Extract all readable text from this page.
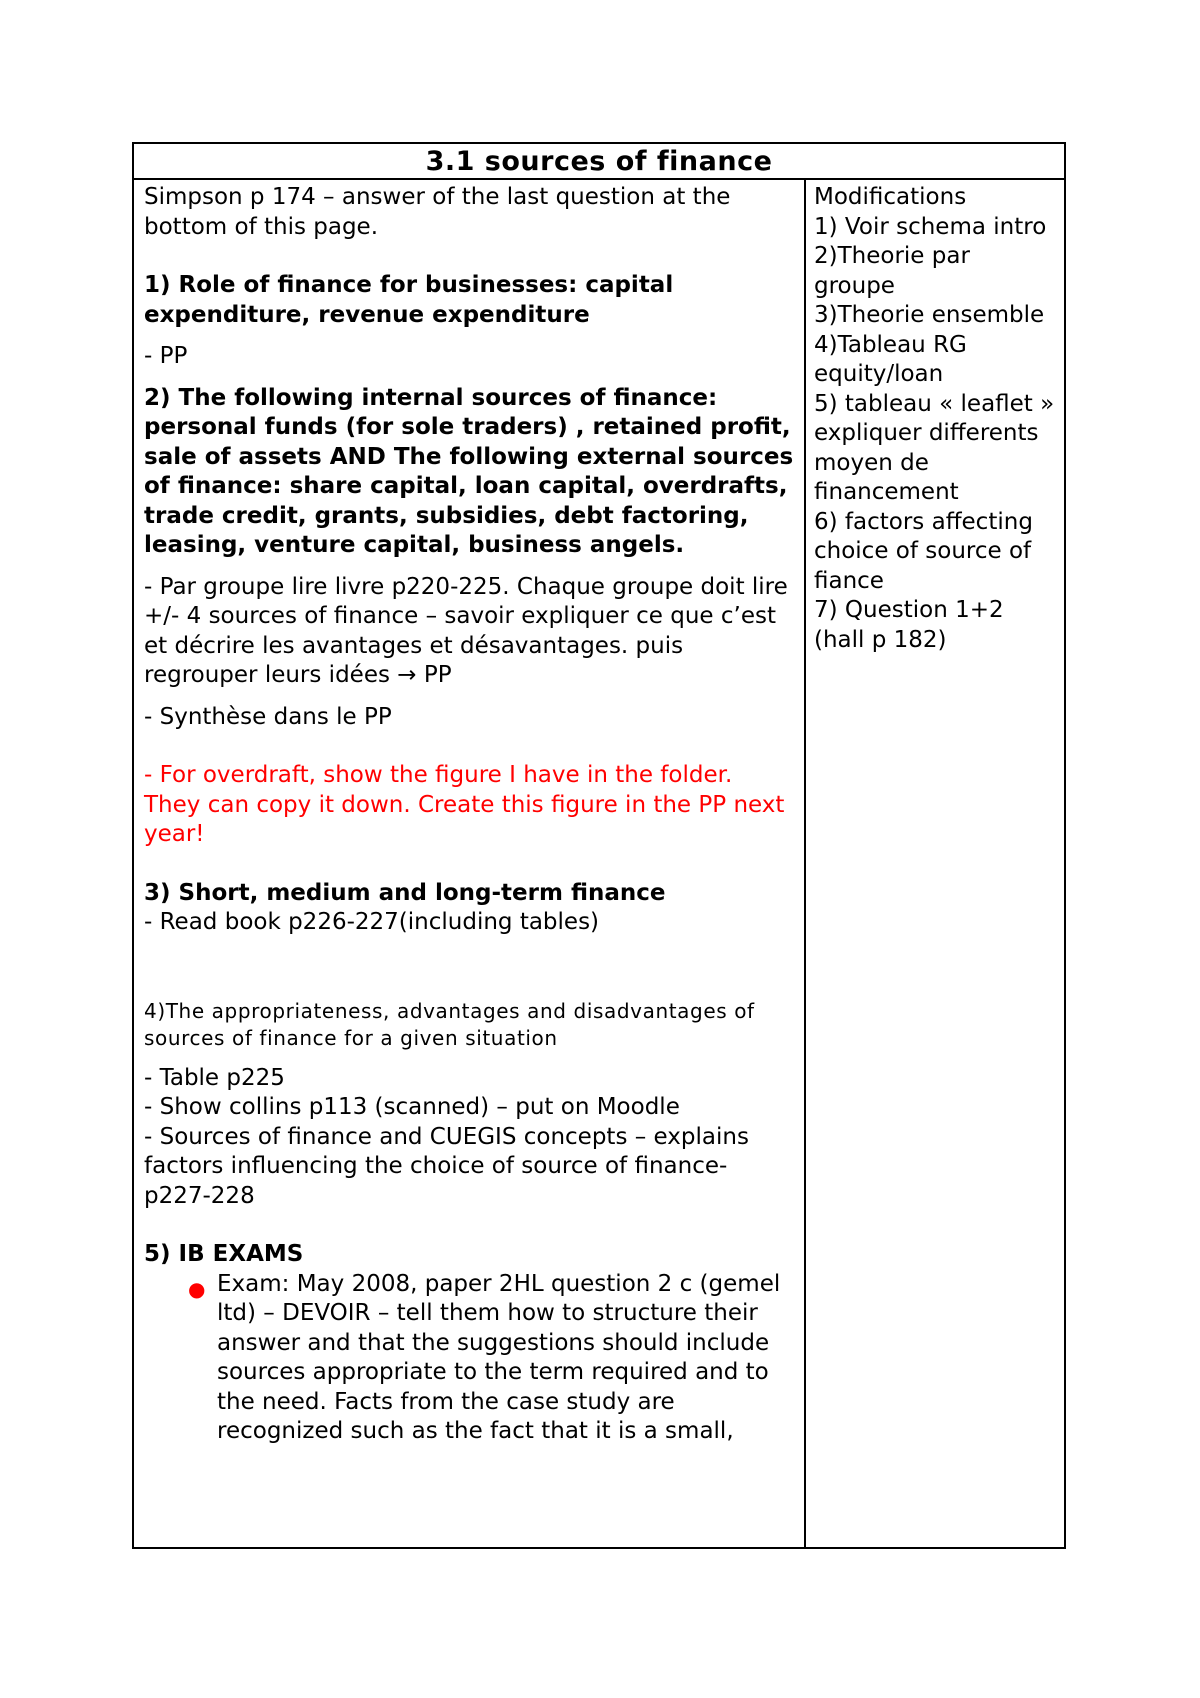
3.1 sources of finance

Simpson p 174 – answer of the last question at the bottom of this page.

1) Role of finance for businesses: capital expenditure, revenue expenditure

- PP

2) The following internal sources of finance: personal funds (for sole traders) , retained profit, sale of assets AND The following external sources of finance: share capital, loan capital, overdrafts, trade credit, grants, subsidies, debt factoring, leasing, venture capital, business angels.

- Par groupe lire livre p220-225. Chaque groupe doit lire +/- 4 sources of finance – savoir expliquer ce que c’est et décrire les avantages et désavantages. puis regrouper leurs idées → PP

- Synthèse dans le PP

- For overdraft, show the figure I have in the folder. They can copy it down. Create this figure in the PP next year!

3) Short, medium and long-term finance

- Read book p226-227(including tables)

4)The appropriateness, advantages and disadvantages of sources of finance for a given situation

- Table p225

- Show collins p113 (scanned) – put on Moodle

- Sources of finance and CUEGIS concepts – explains factors influencing the choice of source of finance- p227-228

5) IB EXAMS

● Exam: May 2008, paper 2HL question 2 c (gemel ltd) – DEVOIR – tell them how to structure their answer and that the suggestions should include sources appropriate to the term required and to the need. Facts from the case study are recognized such as the fact that it is a small,

Modifications

1) Voir schema intro

2)Theorie par groupe

3)Theorie ensemble

4)Tableau RG equity/loan

5) tableau « leaflet » expliquer differents moyen de financement

6) factors affecting choice of source of fiance

7) Question 1+2 (hall p 182)
